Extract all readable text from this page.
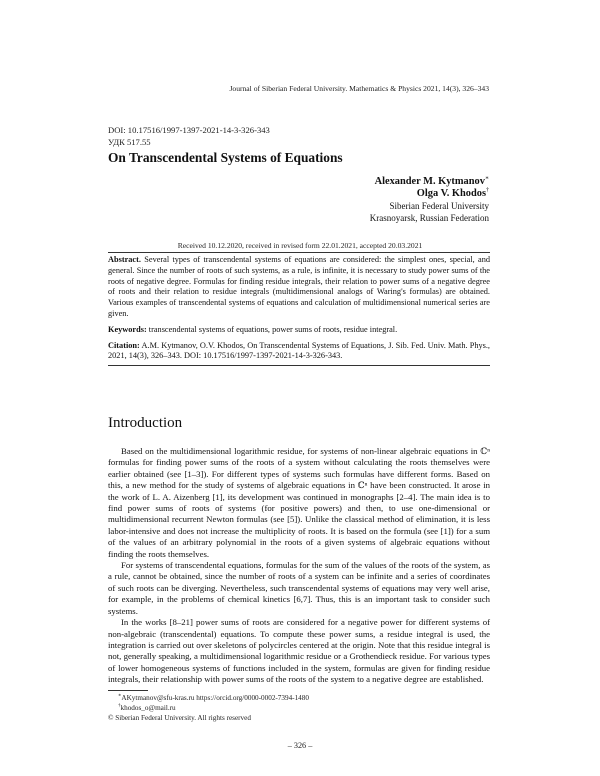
Journal of Siberian Federal University. Mathematics & Physics 2021, 14(3), 326–343
DOI: 10.17516/1997-1397-2021-14-3-326-343
УДК 517.55
On Transcendental Systems of Equations
Alexander M. Kytmanov∗
Olga V. Khodos†
Siberian Federal University
Krasnoyarsk, Russian Federation
Received 10.12.2020, received in revised form 22.01.2021, accepted 20.03.2021

Abstract. Several types of transcendental systems of equations are considered: the simplest ones, special, and general. Since the number of roots of such systems, as a rule, is infinite, it is necessary to study power sums of the roots of negative degree. Formulas for finding residue integrals, their relation to power sums of a negative degree of roots and their relation to residue integrals (multidimensional analogs of Waring's formulas) are obtained. Various examples of transcendental systems of equations and calculation of multidimensional numerical series are given.

Keywords: transcendental systems of equations, power sums of roots, residue integral.

Citation: A.M. Kytmanov, O.V. Khodos, On Transcendental Systems of Equations, J. Sib. Fed. Univ. Math. Phys., 2021, 14(3), 326–343. DOI: 10.17516/1997-1397-2021-14-3-326-343.

Introduction

Based on the multidimensional logarithmic residue, for systems of non-linear algebraic equations in ℂⁿ formulas for finding power sums of the roots of a system without calculating the roots themselves were earlier obtained (see [1–3]). For different types of systems such formulas have different forms. Based on this, a new method for the study of systems of algebraic equations in ℂⁿ have been constructed. It arose in the work of L. A. Aizenberg [1], its development was continued in monographs [2–4]. The main idea is to find power sums of roots of systems (for positive powers) and then, to use one-dimensional or multidimensional recurrent Newton formulas (see [5]). Unlike the classical method of elimination, it is less labor-intensive and does not increase the multiplicity of roots. It is based on the formula (see [1]) for a sum of the values of an arbitrary polynomial in the roots of a given systems of algebraic equations without finding the roots themselves.

For systems of transcendental equations, formulas for the sum of the values of the roots of the system, as a rule, cannot be obtained, since the number of roots of a system can be infinite and a series of coordinates of such roots can be diverging. Nevertheless, such transcendental systems of equations may very well arise, for example, in the problems of chemical kinetics [6,7]. Thus, this is an important task to consider such systems.

In the works [8–21] power sums of roots are considered for a negative power for different systems of non-algebraic (transcendental) equations. To compute these power sums, a residue integral is used, the integration is carried out over skeletons of polycircles centered at the origin. Note that this residue integral is not, generally speaking, a multidimensional logarithmic residue or a Grothendieck residue. For various types of lower homogeneous systems of functions included in the system, formulas are given for finding residue integrals, their relationship with power sums of the roots of the system to a negative degree are established.

∗AKytmanov@sfu-kras.ru https://orcid.org/0000-0002-7394-1480
†khodos_o@mail.ru
© Siberian Federal University. All rights reserved
– 326 –
